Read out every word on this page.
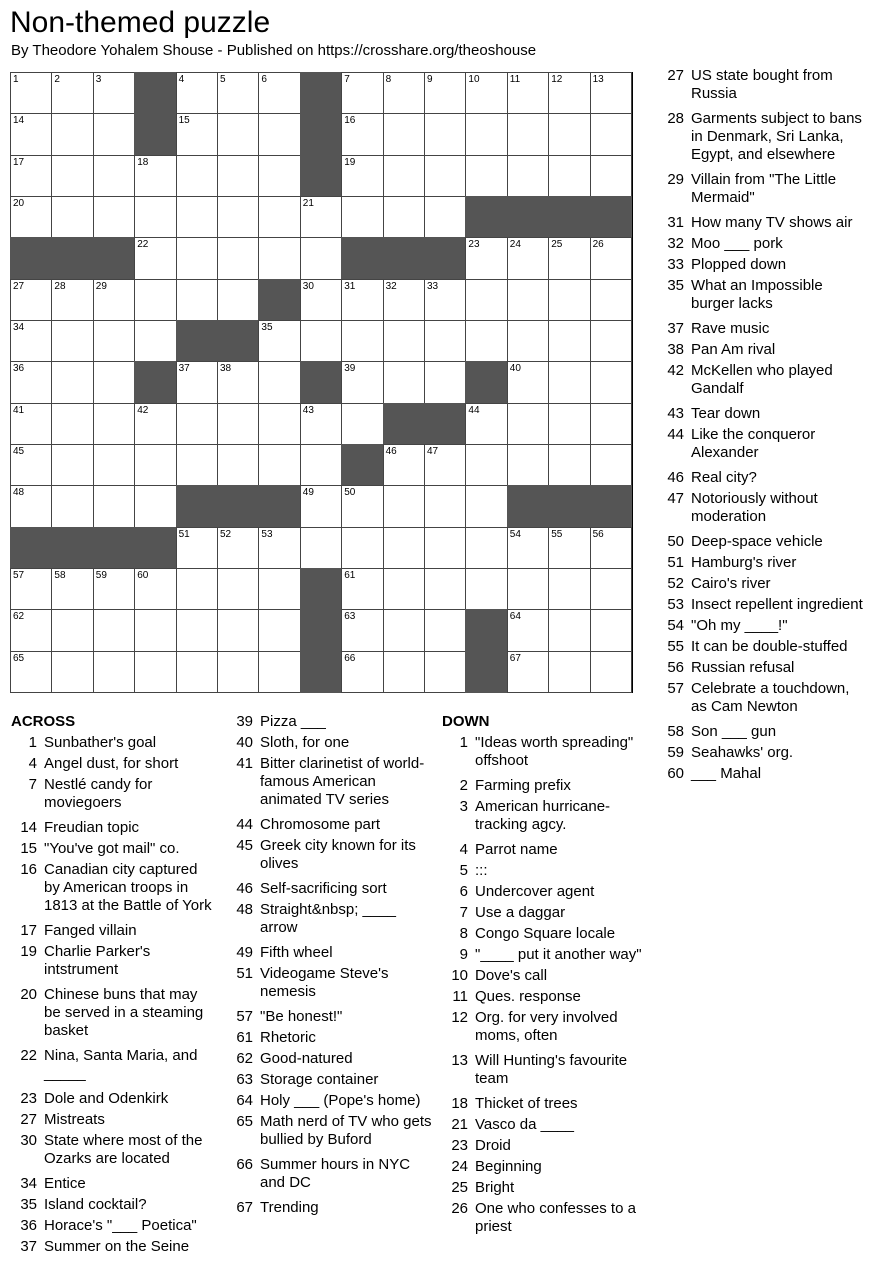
Non-themed puzzle
By Theodore Yohalem Shouse - Published on https://crosshare.org/theoshouse
1	2	3	4	5	6	7	8	9	10	11	12	13
14	15	16
17	18	19
20	21
22	23	24	25	26
27	28	29	30	31	32	33
34	35
36	37	38	39	40
41	42	43	44
45	46	47
48	49	50
51	52	53	54	55	56
57	58	59	60	61
62	63	64
65	66	67
ACROSS	DOWN
1 Sunbather's goal
4 Angel dust, for short
7 Nestlé candy for moviegoers
14 Freudian topic
15 "You've got mail" co.
16 Canadian city captured by American troops in 1813 at the Battle of York
17 Fanged villain
19 Charlie Parker's intstrument
20 Chinese buns that may be served in a steaming basket
22 Nina, Santa Maria, and _____
23 Dole and Odenkirk
27 Mistreats
30 State where most of the Ozarks are located
34 Entice
35 Island cocktail?
36 Horace's "___ Poetica"
37 Summer on the Seine
39 Pizza ___
40 Sloth, for one
41 Bitter clarinetist of world-famous American animated TV series
44 Chromosome part
45 Greek city known for its olives
46 Self-sacrificing sort
48 Straight&nbsp; ____ arrow
49 Fifth wheel
51 Videogame Steve's nemesis
57 "Be honest!"
61 Rhetoric
62 Good-natured
63 Storage container
64 Holy ___ (Pope's home)
65 Math nerd of TV who gets bullied by Buford
66 Summer hours in NYC and DC
67 Trending
1 "Ideas worth spreading" offshoot
2 Farming prefix
3 American hurricane-tracking agcy.
4 Parrot name
5 :::
6 Undercover agent
7 Use a daggar
8 Congo Square locale
9 "____ put it another way"
10 Dove's call
11 Ques. response
12 Org. for very involved moms, often
13 Will Hunting's favourite team
18 Thicket of trees
21 Vasco da ____
23 Droid
24 Beginning
25 Bright
26 One who confesses to a priest
27 US state bought from Russia
28 Garments subject to bans in Denmark, Sri Lanka, Egypt, and elsewhere
29 Villain from "The Little Mermaid"
31 How many TV shows air
32 Moo ___ pork
33 Plopped down
35 What an Impossible burger lacks
37 Rave music
38 Pan Am rival
42 McKellen who played Gandalf
43 Tear down
44 Like the conqueror Alexander
46 Real city?
47 Notoriously without moderation
50 Deep-space vehicle
51 Hamburg's river
52 Cairo's river
53 Insect repellent ingredient
54 "Oh my ____!"
55 It can be double-stuffed
56 Russian refusal
57 Celebrate a touchdown, as Cam Newton
58 Son ___ gun
59 Seahawks' org.
60 ___ Mahal
